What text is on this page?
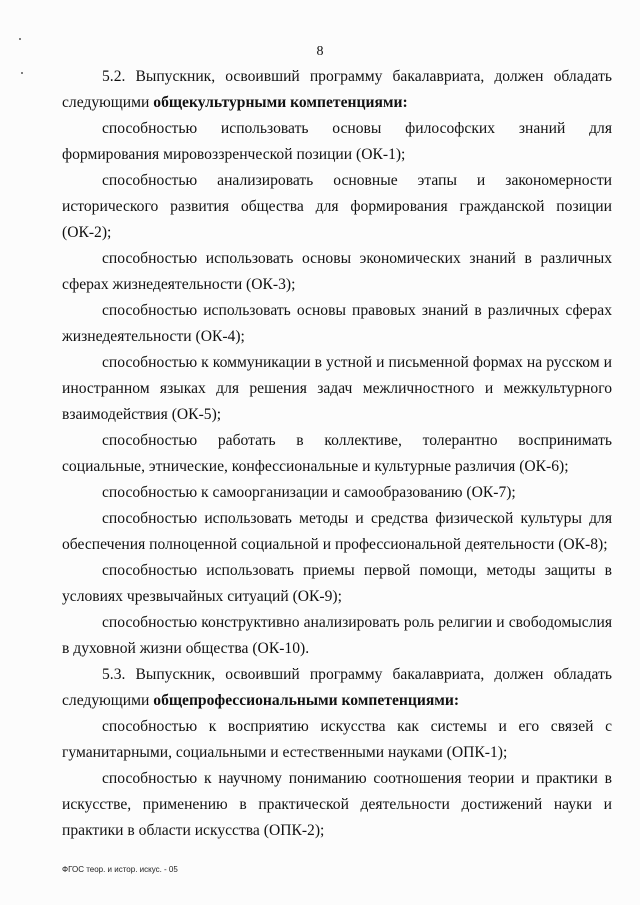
8

5.2. Выпускник, освоивший программу бакалавриата, должен обладать следующими общекультурными компетенциями:

способностью использовать основы философских знаний для формирования мировоззренческой позиции (ОК-1);

способностью анализировать основные этапы и закономерности исторического развития общества для формирования гражданской позиции (ОК-2);

способностью использовать основы экономических знаний в различных сферах жизнедеятельности (ОК-3);

способностью использовать основы правовых знаний в различных сферах жизнедеятельности (ОК-4);

способностью к коммуникации в устной и письменной формах на русском и иностранном языках для решения задач межличностного и межкультурного взаимодействия (ОК-5);

способностью работать в коллективе, толерантно воспринимать социальные, этнические, конфессиональные и культурные различия (ОК-6);

способностью к самоорганизации и самообразованию (ОК-7);

способностью использовать методы и средства физической культуры для обеспечения полноценной социальной и профессиональной деятельности (ОК-8);

способностью использовать приемы первой помощи, методы защиты в условиях чрезвычайных ситуаций (ОК-9);

способностью конструктивно анализировать роль религии и свободомыслия в духовной жизни общества (ОК-10).

5.3. Выпускник, освоивший программу бакалавриата, должен обладать следующими общепрофессиональными компетенциями:

способностью к восприятию искусства как системы и его связей с гуманитарными, социальными и естественными науками (ОПК-1);

способностью к научному пониманию соотношения теории и практики в искусстве, применению в практической деятельности достижений науки и практики в области искусства (ОПК-2);

ФГОС теор. и истор. искус. - 05
